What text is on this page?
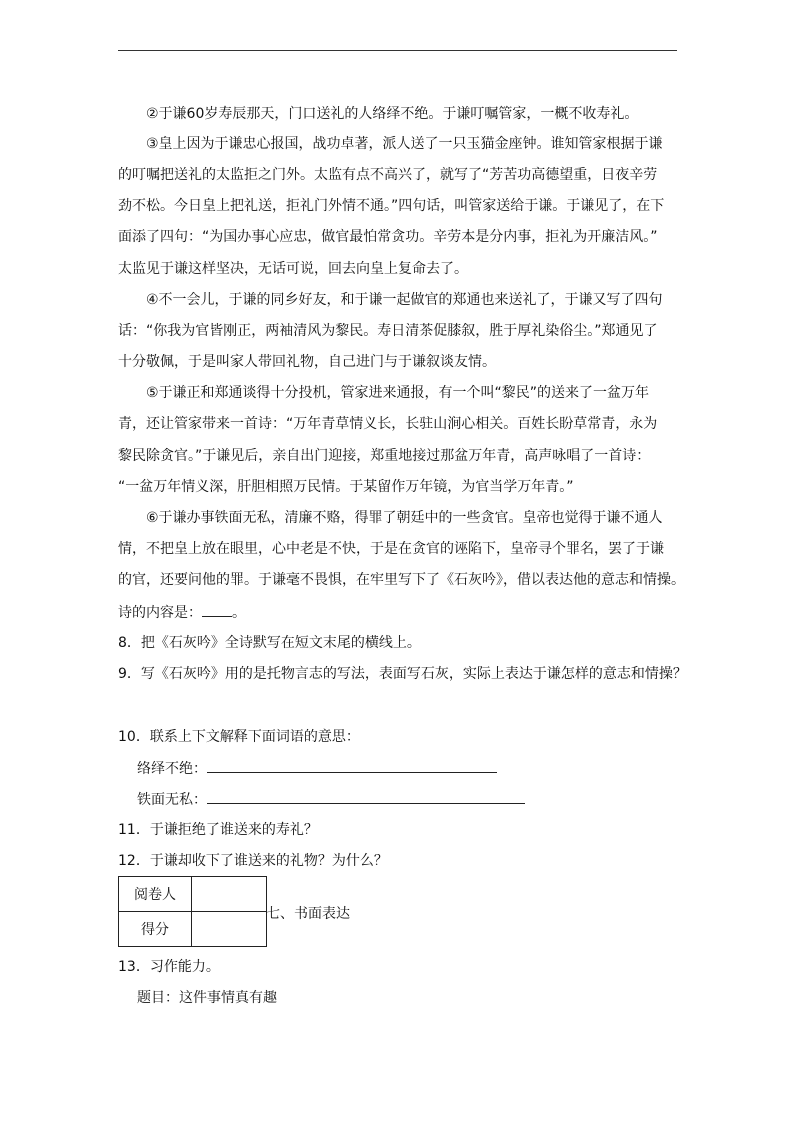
②于谦60岁寿辰那天，门口送礼的人络绎不绝。于谦叮嘱管家，一概不收寿礼。
③皇上因为于谦忠心报国，战功卓著，派人送了一只玉猫金座钟。谁知管家根据于谦
的叮嘱把送礼的太监拒之门外。太监有点不高兴了，就写了“芳苦功高德望重，日夜辛劳
劲不松。今日皇上把礼送，拒礼门外情不通。”四句话，叫管家送给于谦。于谦见了，在下
面添了四句：“为国办事心应忠，做官最怕常贪功。辛劳本是分内事，拒礼为开廉洁风。”
太监见于谦这样坚决，无话可说，回去向皇上复命去了。
④不一会儿，于谦的同乡好友，和于谦一起做官的郑通也来送礼了，于谦又写了四句
话：“你我为官皆刚正，两袖清风为黎民。寿日清茶促膝叙，胜于厚礼染俗尘。”郑通见了
十分敬佩，于是叫家人带回礼物，自己进门与于谦叙谈友情。
⑤于谦正和郑通谈得十分投机，管家进来通报，有一个叫“黎民”的送来了一盆万年
青，还让管家带来一首诗：“万年青草情义长，长驻山涧心相关。百姓长盼草常青，永为
黎民除贪官。”于谦见后，亲自出门迎接，郑重地接过那盆万年青，高声咏唱了一首诗：
“一盆万年情义深，肝胆相照万民情。于某留作万年镜，为官当学万年青。”
⑥于谦办事铁面无私，清廉不赂，得罪了朝廷中的一些贪官。皇帝也觉得于谦不通人
情，不把皇上放在眼里，心中老是不快，于是在贪官的诬陷下，皇帝寻个罪名，罢了于谦
的官，还要问他的罪。于谦毫不畏惧，在牢里写下了《石灰吟》，借以表达他的意志和情操。
诗的内容是： 。
8．把《石灰吟》全诗默写在短文末尾的横线上。
9．写《石灰吟》用的是托物言志的写法，表面写石灰，实际上表达于谦怎样的意志和情操？
10．联系上下文解释下面词语的意思：
络绎不绝：
铁面无私：
11．于谦拒绝了谁送来的寿礼？
12．于谦却收下了谁送来的礼物？为什么？
阅卷人	
得分	
七、书面表达
13．习作能力。
题目：这件事情真有趣
